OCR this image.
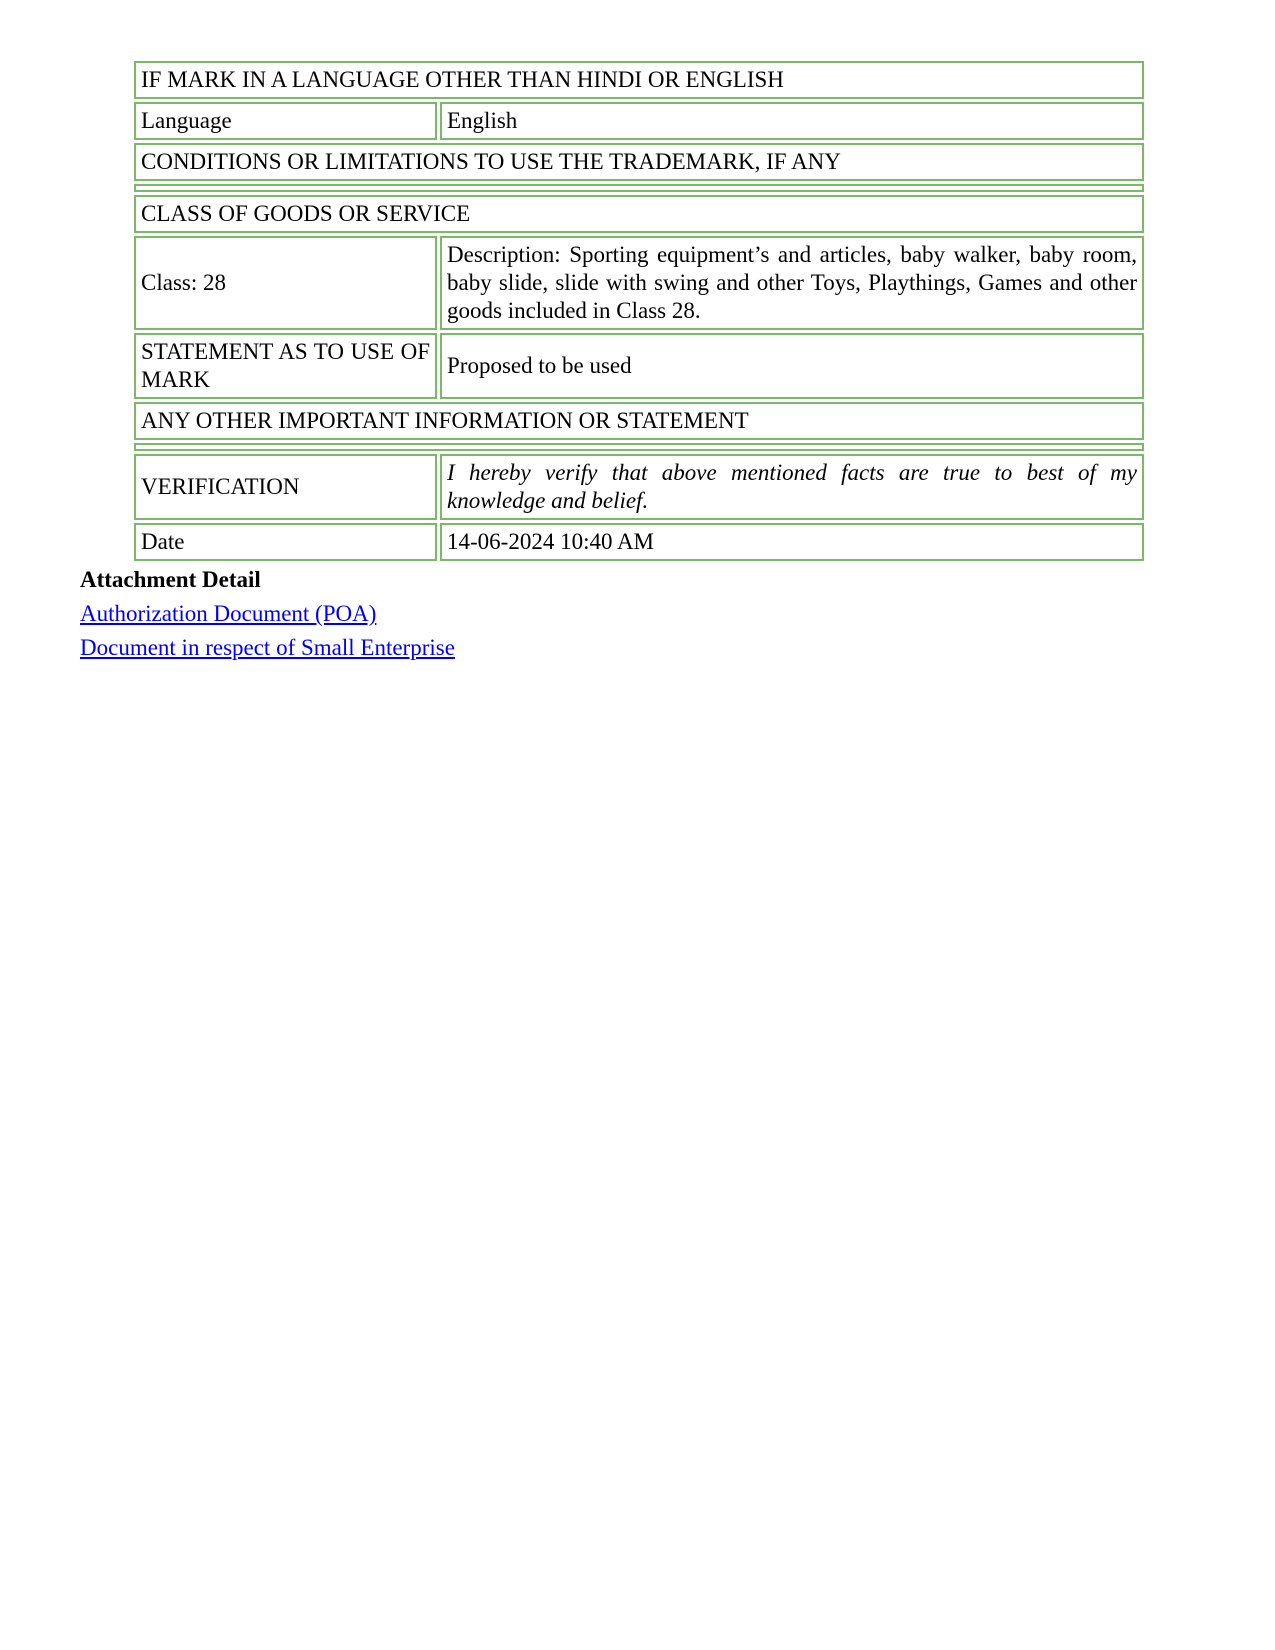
IF MARK IN A LANGUAGE OTHER THAN HINDI OR ENGLISH	
Language	English
CONDITIONS OR LIMITATIONS TO USE THE TRADEMARK, IF ANY	

CLASS OF GOODS OR SERVICE	
Class: 28	Description: Sporting equipment’s and articles, baby walker, baby room, baby slide, slide with swing and other Toys, Playthings, Games and other goods included in Class 28.
STATEMENT AS TO USE OF MARK	Proposed to be used
ANY OTHER IMPORTANT INFORMATION OR STATEMENT	

VERIFICATION	I hereby verify that above mentioned facts are true to best of my knowledge and belief.
Date	14-06-2024 10:40 AM
Attachment Detail
Authorization Document (POA)
Document in respect of Small Enterprise
